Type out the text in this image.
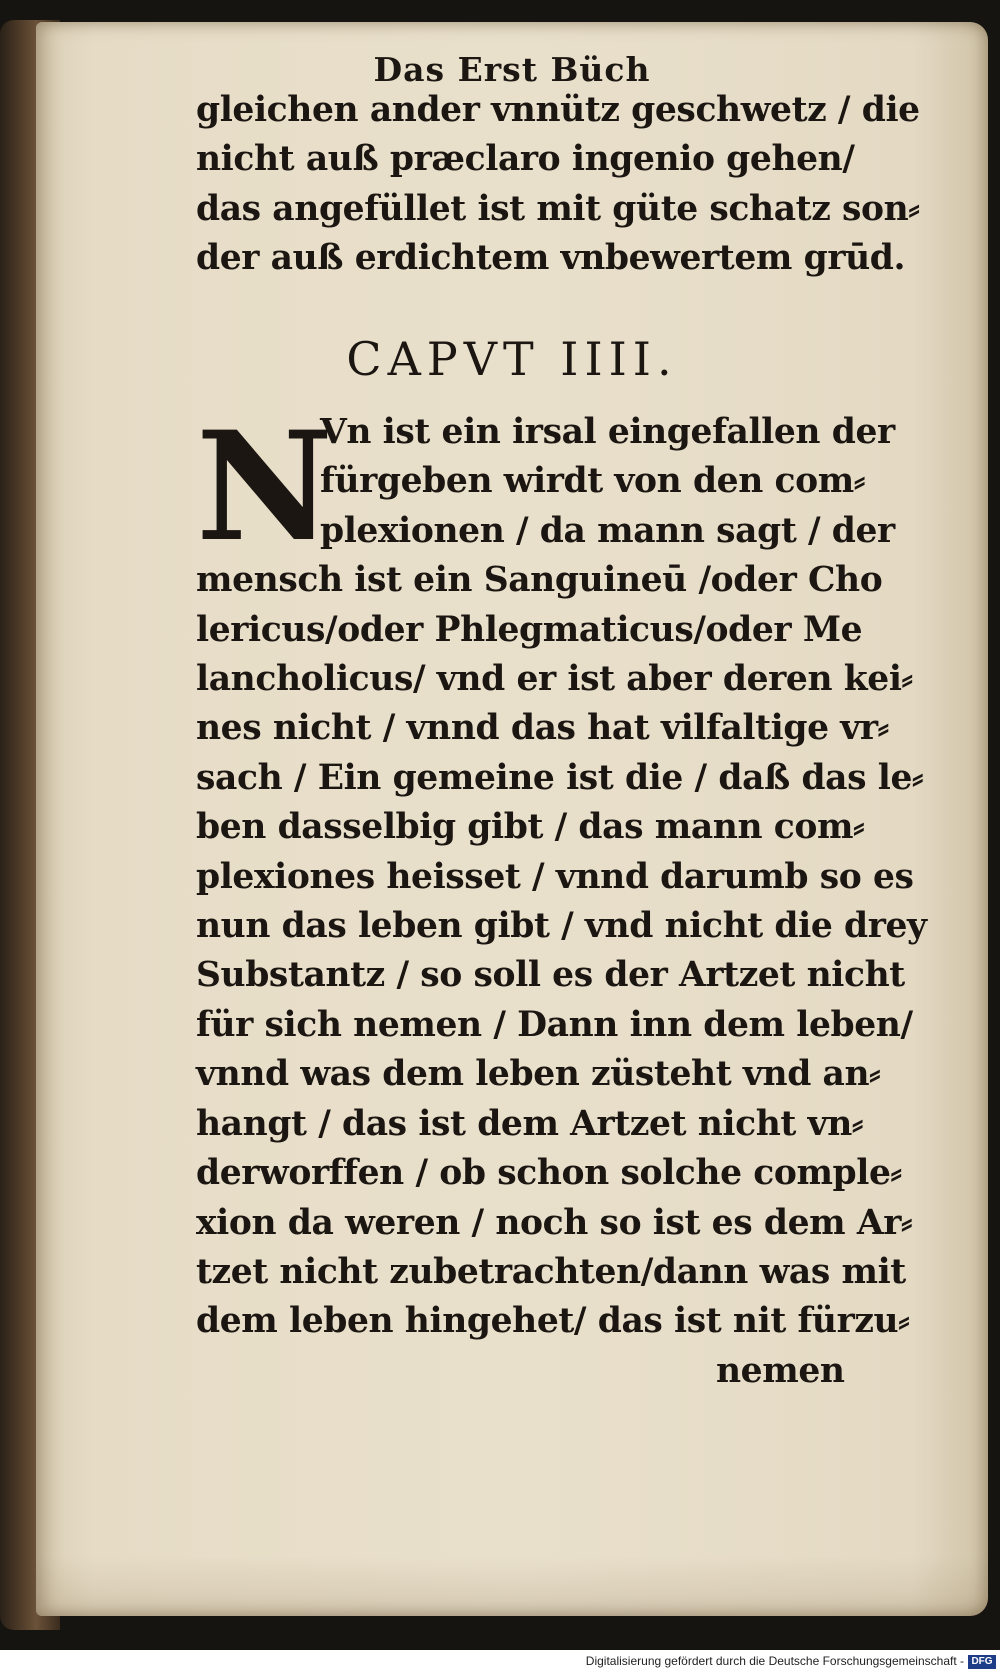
Das Erst Büch
CAPVT IIII.
gleichen ander vnnütz geschwetz / die
nicht auß præclaro ingenio gehen/
das angefüllet ist mit güte schatz son⸗
der auß erdichtem vnbewertem grūd.
N
Vn ist ein irsal eingefallen der
fürgeben wirdt von den com⸗
plexionen / da mann sagt / der
mensch ist ein Sanguineū /oder Cho
lericus/oder Phlegmaticus/oder Me
lancholicus/ vnd er ist aber deren kei⸗
nes nicht / vnnd das hat vilfaltige vr⸗
sach / Ein gemeine ist die / daß das le⸗
ben dasselbig gibt / das mann com⸗
plexiones heisset / vnnd darumb so es
nun das leben gibt / vnd nicht die drey
Substantz / so soll es der Artzet nicht
für sich nemen / Dann inn dem leben/
vnnd was dem leben züsteht vnd an⸗
hangt / das ist dem Artzet nicht vn⸗
derworffen / ob schon solche comple⸗
xion da weren / noch so ist es dem Ar⸗
tzet nicht zubetrachten/dann was mit
dem leben hingehet/ das ist nit fürzu⸗
nemen
Digitalisierung gefördert durch die Deutsche Forschungsgemeinschaft - DFG
